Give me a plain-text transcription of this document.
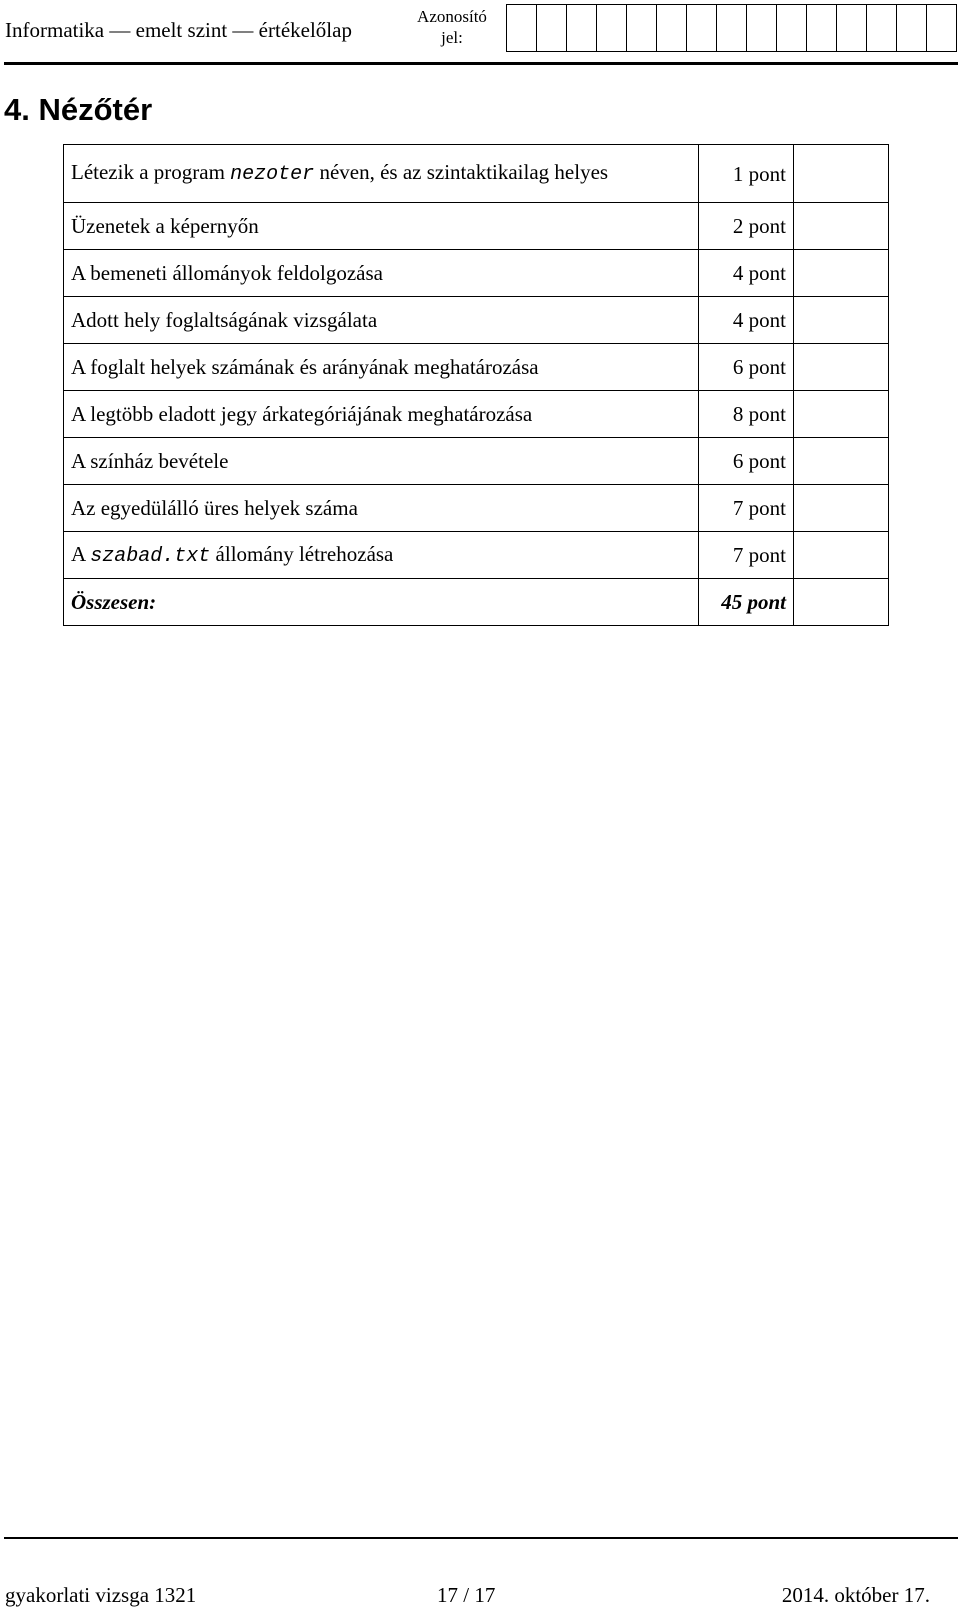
Informatika — emelt szint — értékelőlap
Azonosító jel:
4. Nézőtér
Létezik a program nezoter néven, és az szintaktikailag helyes	1 pont	
Üzenetek a képernyőn	2 pont	
A bemeneti állományok feldolgozása	4 pont	
Adott hely foglaltságának vizsgálata	4 pont	
A foglalt helyek számának és arányának meghatározása	6 pont	
A legtöbb eladott jegy árkategóriájának meghatározása	8 pont	
A színház bevétele	6 pont	
Az egyedülálló üres helyek száma	7 pont	
A szabad.txt állomány létrehozása	7 pont	
Összesen:	45 pont	
gyakorlati vizsga 1321	17 / 17	2014. október 17.
